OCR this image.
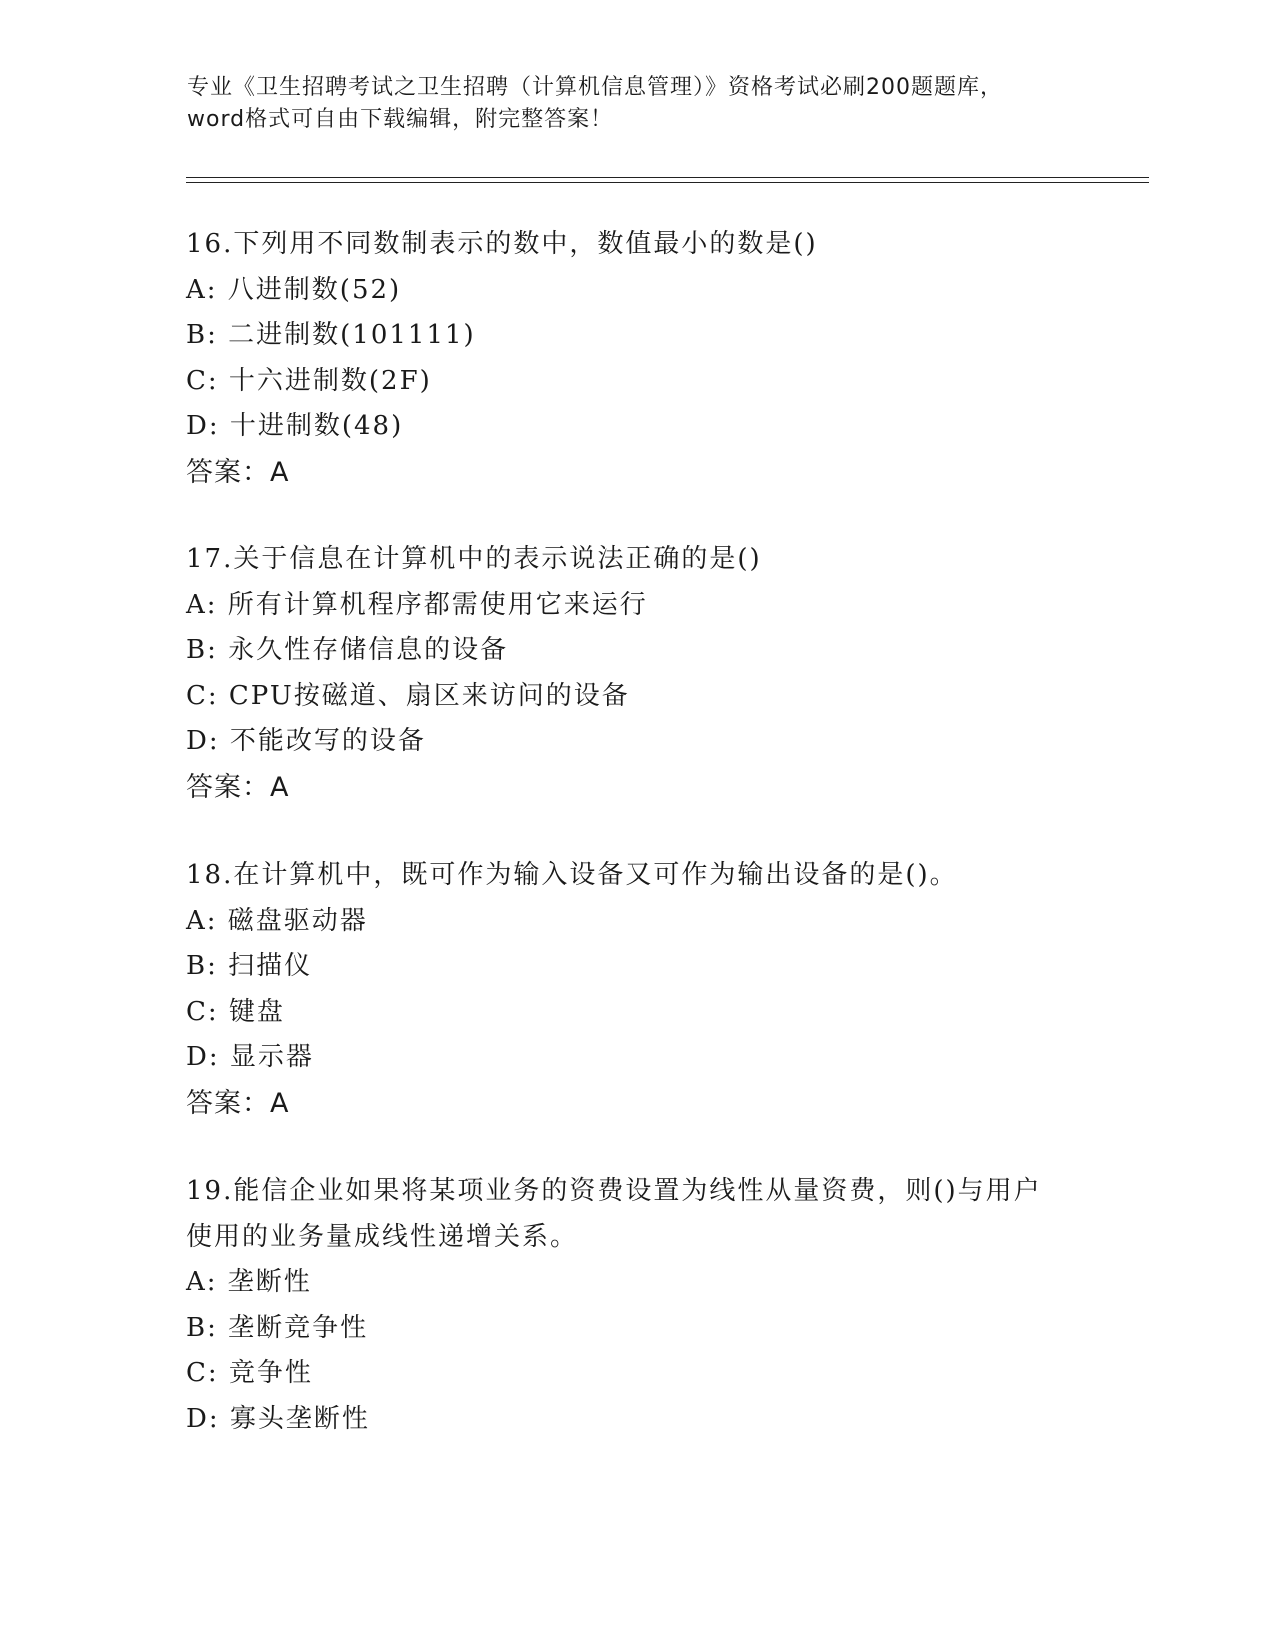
专业《卫生招聘考试之卫生招聘（计算机信息管理）》资格考试必刷200题题库，
word格式可自由下载编辑，附完整答案！
16.下列用不同数制表示的数中，数值最小的数是()
A: 八进制数(52)
B: 二进制数(101111)
C: 十六进制数(2F)
D: 十进制数(48)
答案：A
17.关于信息在计算机中的表示说法正确的是()
A: 所有计算机程序都需使用它来运行
B: 永久性存储信息的设备
C: CPU按磁道、扇区来访问的设备
D: 不能改写的设备
答案：A
18.在计算机中，既可作为输入设备又可作为输出设备的是()。
A: 磁盘驱动器
B: 扫描仪
C: 键盘
D: 显示器
答案：A
19.能信企业如果将某项业务的资费设置为线性从量资费，则()与用户
使用的业务量成线性递增关系。
A: 垄断性
B: 垄断竞争性
C: 竞争性
D: 寡头垄断性
